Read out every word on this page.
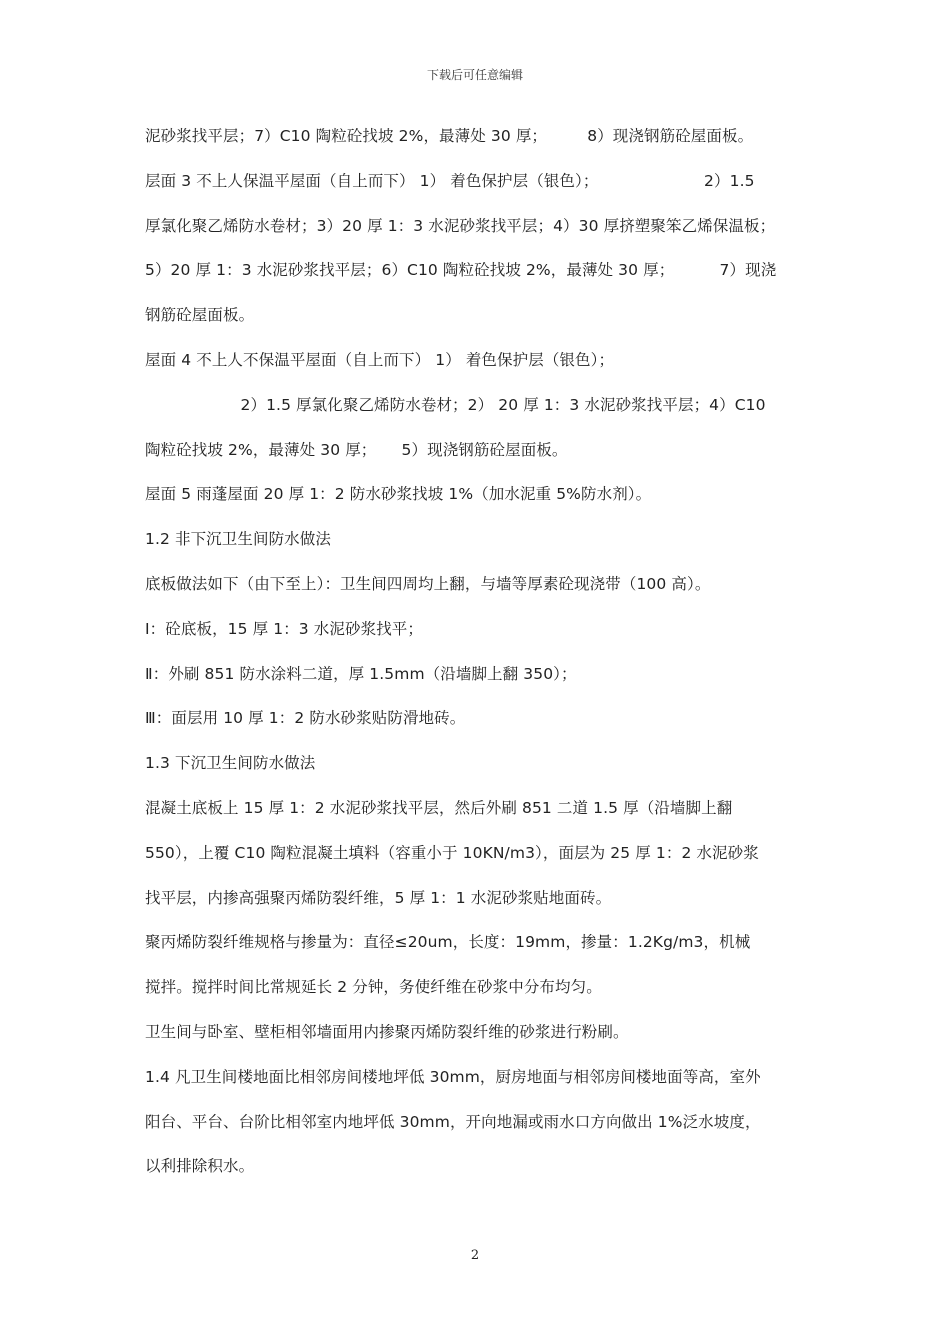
下载后可任意编辑
泥砂浆找平层；7）C10 陶粒砼找坡 2%，最薄处 30 厚；        8）现浇钢筋砼屋面板。
层面 3 不上人保温平屋面（自上而下） 1） 着色保护层（银色）；                     2）1.5
厚氯化聚乙烯防水卷材；3）20 厚 1：3 水泥砂浆找平层；4）30 厚挤塑聚笨乙烯保温板；
5）20 厚 1：3 水泥砂浆找平层；6）C10 陶粒砼找坡 2%，最薄处 30 厚；         7）现浇
钢筋砼屋面板。
屋面 4 不上人不保温平屋面（自上而下） 1） 着色保护层（银色）；
2）1.5 厚氯化聚乙烯防水卷材；2） 20 厚 1：3 水泥砂浆找平层；4）C10
陶粒砼找坡 2%，最薄处 30 厚；     5）现浇钢筋砼屋面板。
屋面 5 雨蓬屋面 20 厚 1：2 防水砂浆找坡 1%（加水泥重 5%防水剂）。
1.2 非下沉卫生间防水做法
底板做法如下（由下至上）：卫生间四周均上翻，与墙等厚素砼现浇带（100 高）。
Ⅰ：砼底板，15 厚 1：3 水泥砂浆找平；
Ⅱ：外刷 851 防水涂料二道，厚 1.5mm（沿墙脚上翻 350）；
Ⅲ：面层用 10 厚 1：2 防水砂浆贴防滑地砖。
1.3 下沉卫生间防水做法
混凝土底板上 15 厚 1：2 水泥砂浆找平层，然后外刷 851 二道 1.5 厚（沿墙脚上翻
550），上覆 C10 陶粒混凝土填料（容重小于 10KN/m3），面层为 25 厚 1：2 水泥砂浆
找平层，内掺高强聚丙烯防裂纤维，5 厚 1：1 水泥砂浆贴地面砖。
聚丙烯防裂纤维规格与掺量为：直径≤20um，长度：19mm，掺量：1.2Kg/m3，机械
搅拌。搅拌时间比常规延长 2 分钟，务使纤维在砂浆中分布均匀。
卫生间与卧室、壁柜相邻墙面用内掺聚丙烯防裂纤维的砂浆进行粉刷。
1.4 凡卫生间楼地面比相邻房间楼地坪低 30mm，厨房地面与相邻房间楼地面等高，室外
阳台、平台、台阶比相邻室内地坪低 30mm，开向地漏或雨水口方向做出 1%泛水坡度，
以利排除积水。
2
